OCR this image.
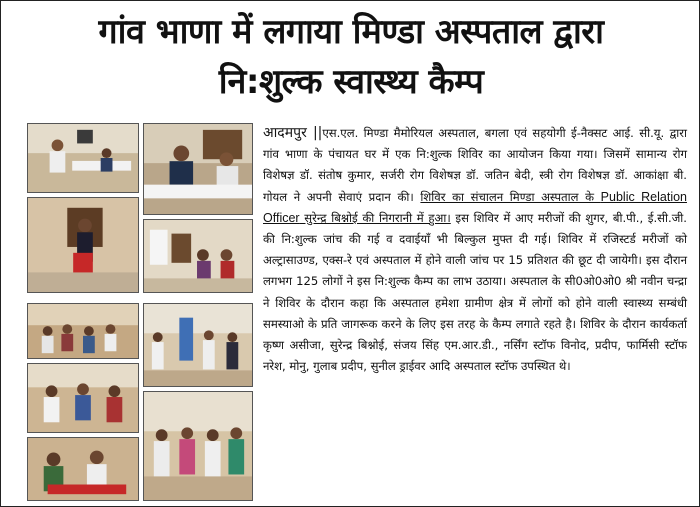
गांव भाणा में लगाया मिण्डा अस्पताल द्वारा
नि:शुल्क स्वास्थ्य कैम्प
आदमपुर ||एस.एल. मिण्डा मैमोरियल अस्पताल, बगला एवं सहयोगी ई-नैक्सट आई. सी.यू. द्वारा गांव भाणा के पंचायत घर में एक नि:शुल्क शिविर का आयोजन किया गया। जिसमें सामान्य रोग विशेषज्ञ डॉ. संतोष कुमार, सर्जरी रोग विशेषज्ञ डॉ. जतिन बेदी, स्त्री रोग विशेषज्ञ डॉ. आकांक्षा बी. गोयल ने अपनी सेवाएं प्रदान की। शिविर का संचालन मिण्डा अस्पताल के Public Relation Officer सुरेन्द्र बिश्नोई की निगरानी में हुआ। इस शिविर में आए मरीजों की शुगर, बी.पी., ई.सी.जी. की नि:शुल्क जांच की गई व दवाईयाँ भी बिल्कुल मुफ्त दी गई। शिविर में रजिस्टर्ड मरीजों को अल्ट्रासाउण्ड, एक्स-रे एवं अस्पताल में होने वाली जांच पर 15 प्रतिशत की छूट दी जायेगी। इस दौरान लगभग 125 लोगों ने इस नि:शुल्क कैम्प का लाभ उठाया। अस्पताल के सी0ओ0ओ0 श्री नवीन चन्द्रा ने शिविर के दौरान कहा कि अस्पताल हमेशा ग्रामीण क्षेत्र में लोगों को होने वाली स्वास्थ्य सम्बंधी समस्याओ के प्रति जागरूक करने के लिए इस तरह के कैम्प लगाते रहते है। शिविर के दौरान कार्यकर्ता कृष्ण असीजा, सुरेन्द्र बिश्नोई, संजय सिंह एम.आर.डी., नर्सिंग स्टॉफ विनोद, प्रदीप, फार्मिसी स्टॉफ नरेश, मोनु, गुलाब प्रदीप, सुनील ड्राईवर आदि अस्पताल स्टॉफ उपस्थित थे।
